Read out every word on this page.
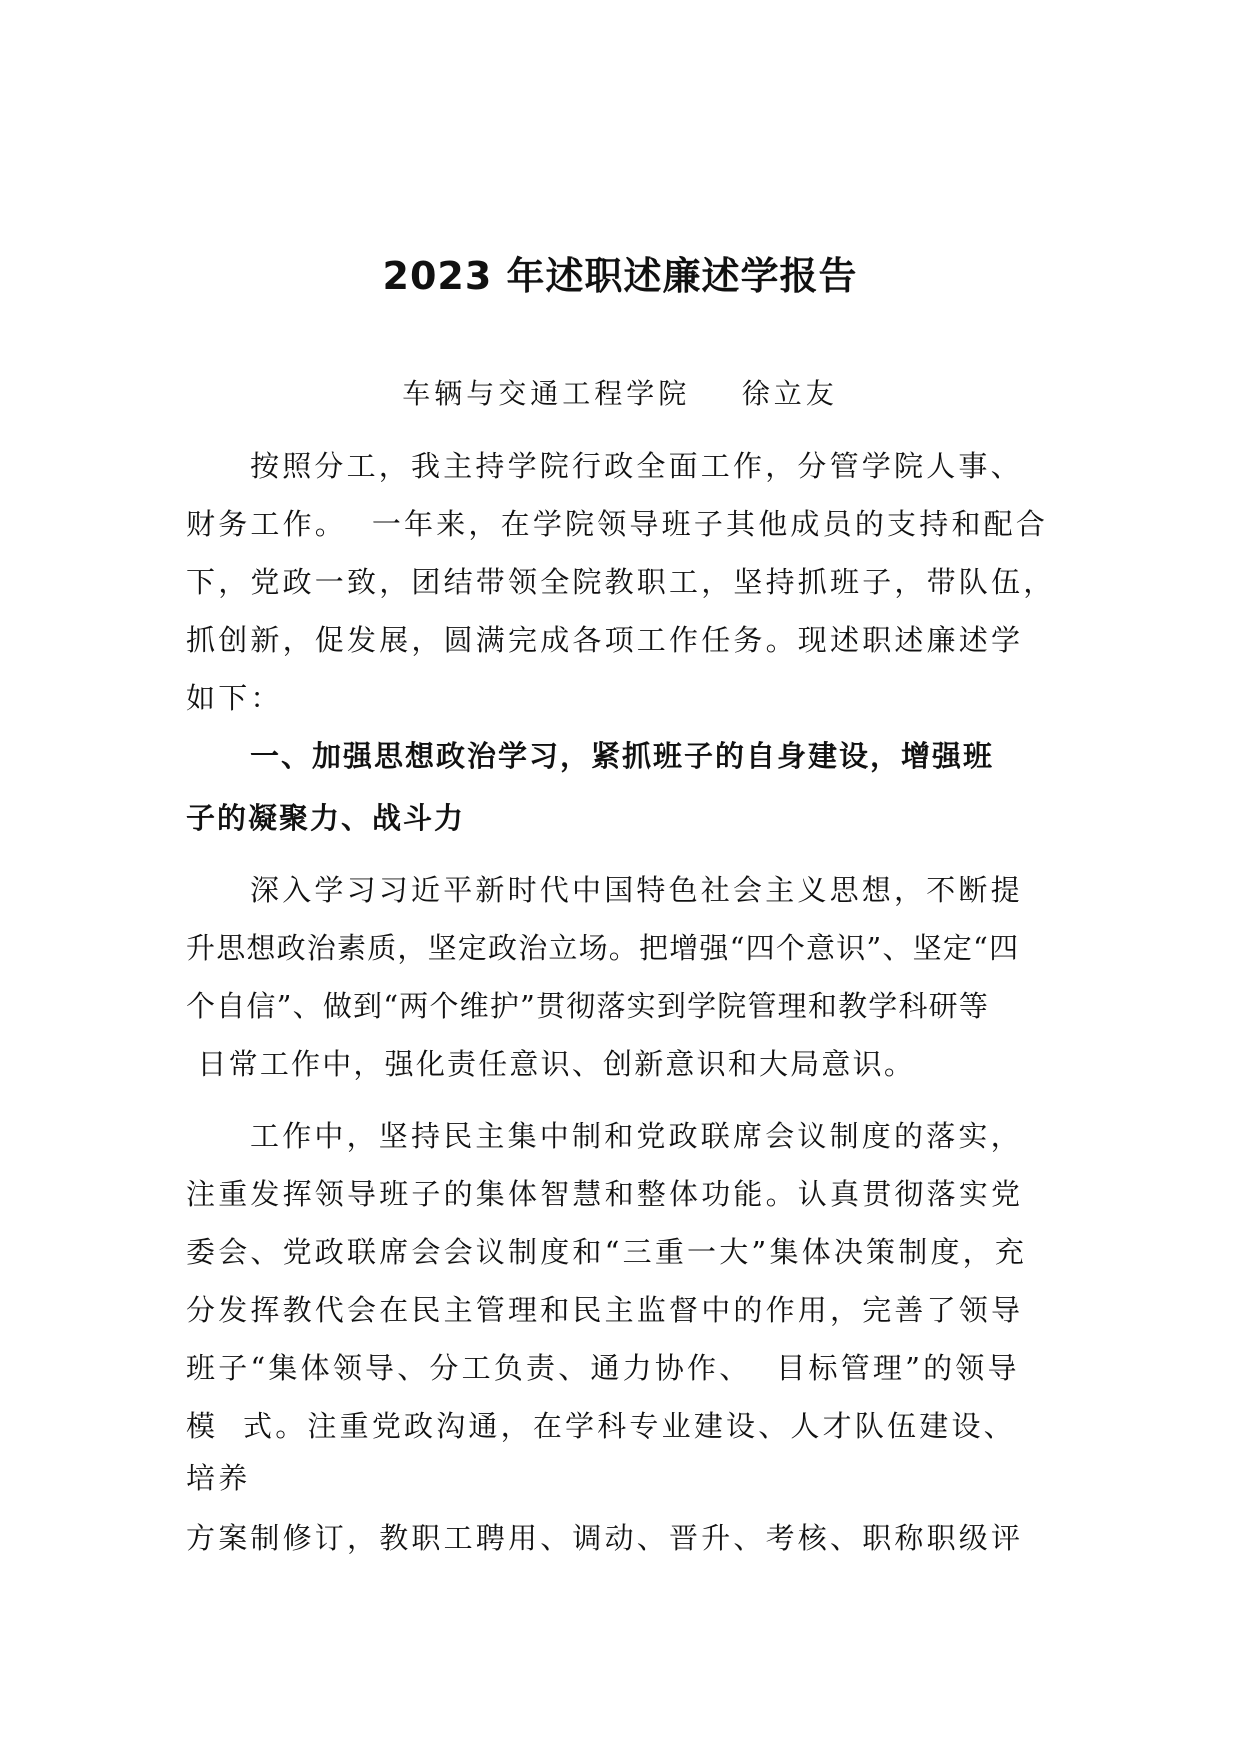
2023 年述职述廉述学报告
车辆与交通工程学院    徐立友
按照分工，我主持学院行政全面工作，分管学院人事、
财务工作。  一年来，在学院领导班子其他成员的支持和配合
下，党政一致，团结带领全院教职工，坚持抓班子，带队伍，
抓创新，促发展，圆满完成各项工作任务。现述职述廉述学
如下：
一、加强思想政治学习，紧抓班子的自身建设，增强班
子的凝聚力、战斗力
深入学习习近平新时代中国特色社会主义思想，不断提
升思想政治素质，坚定政治立场。把增强“四个意识”、坚定“四
个自信”、做到“两个维护”贯彻落实到学院管理和教学科研等
日常工作中，强化责任意识、创新意识和大局意识。
工作中，坚持民主集中制和党政联席会议制度的落实，
注重发挥领导班子的集体智慧和整体功能。认真贯彻落实党
委会、党政联席会会议制度和“三重一大”集体决策制度，充
分发挥教代会在民主管理和民主监督中的作用，完善了领导
班子“集体领导、分工负责、通力协作、  目标管理”的领导
模  式。注重党政沟通，在学科专业建设、人才队伍建设、
培养
方案制修订，教职工聘用、调动、晋升、考核、职称职级评
